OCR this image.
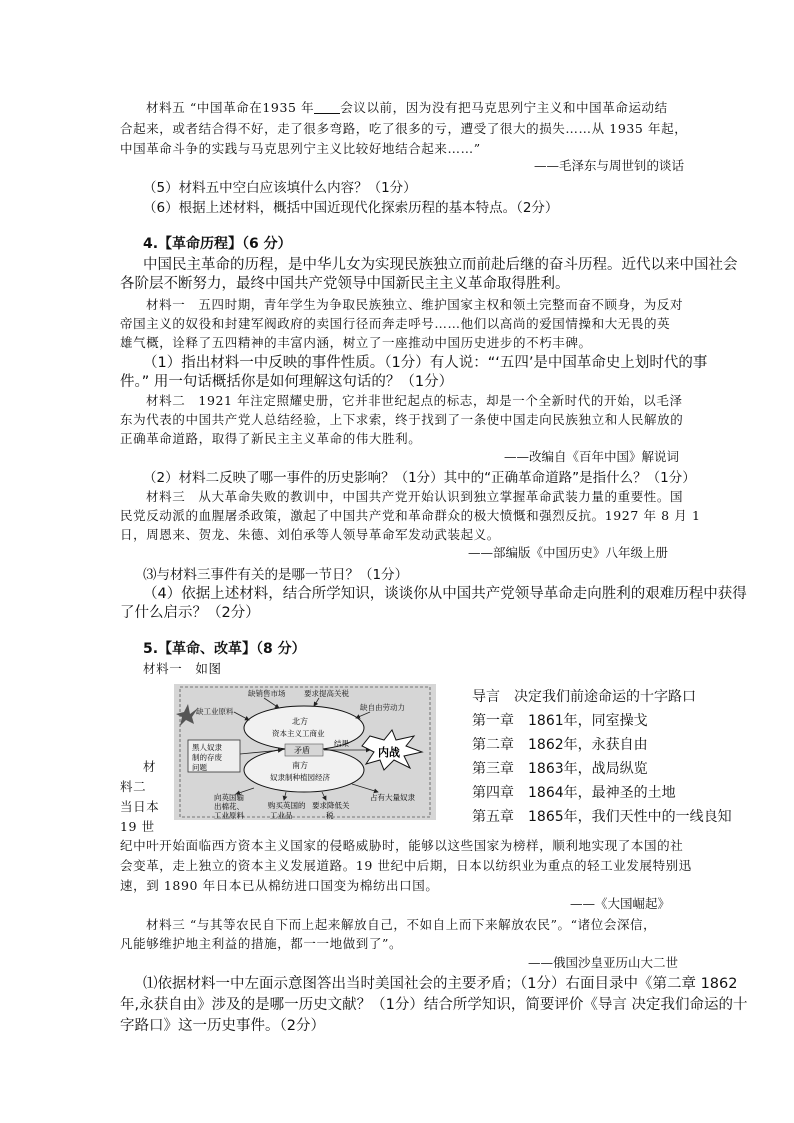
材料五 “中国革命在1935 年 会议以前，因为没有把马克思列宁主义和中国革命运动结
合起来，或者结合得不好，走了很多弯路，吃了很多的亏，遭受了很大的损失……从 1935 年起，
中国革命斗争的实践与马克思列宁主义比较好地结合起来……”
——毛泽东与周世钊的谈话
（5）材料五中空白应该填什么内容？（1分）
（6）根据上述材料，概括中国近现代化探索历程的基本特点。（2分）
4.【革命历程】（6 分）
中国民主革命的历程，是中华儿女为实现民族独立而前赴后继的奋斗历程。近代以来中国社会
各阶层不断努力，最终中国共产党领导中国新民主主义革命取得胜利。
材料一　五四时期，青年学生为争取民族独立、维护国家主权和领土完整而奋不顾身，为反对
帝国主义的奴役和封建军阀政府的卖国行径而奔走呼号……他们以高尚的爱国情操和大无畏的英
雄气概，诠释了五四精神的丰富内涵，树立了一座推动中国历史进步的不朽丰碑。
（1）指出材料一中反映的事件性质。（1分）有人说：“‘五四’是中国革命史上划时代的事
件。” 用一句话概括你是如何理解这句话的？（1分）
材料二　1921 年注定照耀史册，它并非世纪起点的标志，却是一个全新时代的开始，以毛泽
东为代表的中国共产党人总结经验，上下求索，终于找到了一条使中国走向民族独立和人民解放的
正确革命道路，取得了新民主主义革命的伟大胜利。
——改编自《百年中国》解说词
（2）材料二反映了哪一事件的历史影响？（1分）其中的“正确革命道路”是指什么？（1分）
材料三　从大革命失败的教训中，中国共产党开始认识到独立掌握革命武装力量的重要性。国
民党反动派的血腥屠杀政策，激起了中国共产党和革命群众的极大愤慨和强烈反抗。1927 年 8 月 1
日，周恩来、贺龙、朱德、刘伯承等人领导革命军发动武装起义。
——部编版《中国历史》八年级上册
⑶与材料三事件有关的是哪一节日？（1分）
（4）依据上述材料，结合所学知识，谈谈你从中国共产党领导革命走向胜利的艰难历程中获得
了什么启示？（2分）
5.【革命、改革】（8 分）
材料一　如图
缺销售市场 要求提高关税
缺自由劳动力
缺工业原料
北方
资本主义工商业
南方
奴隶制种植园经济
矛盾
黑人奴隶
制的存废
问题
结果
内战
向英国输
出棉花、
工业原料
购买英国的
工业品
要求降低关
税
占有大量奴隶
导言　决定我们前途命运的十字路口
第一章　1861年，同室操戈
第二章　1862年，永获自由
第三章　1863年，战局纵览
第四章　1864年，最神圣的土地
第五章　1865年，我们天性中的一线良知
材
料二
当日本
19 世
纪中叶开始面临西方资本主义国家的侵略威胁时，能够以这些国家为榜样，顺利地实现了本国的社
会变革，走上独立的资本主义发展道路。19 世纪中后期，日本以纺织业为重点的轻工业发展特别迅
速，到 1890 年日本已从棉纺进口国变为棉纺出口国。
——《大国崛起》
材料三 “与其等农民自下而上起来解放自己，不如自上而下来解放农民”。“诸位会深信，
凡能够维护地主利益的措施，都一一地做到了”。
——俄国沙皇亚历山大二世
⑴依据材料一中左面示意图答出当时美国社会的主要矛盾；（1分）右面目录中《第二章 1862
年,永获自由》涉及的是哪一历史文献？（1分）结合所学知识，简要评价《导言 决定我们命运的十
字路口》这一历史事件。（2分）
